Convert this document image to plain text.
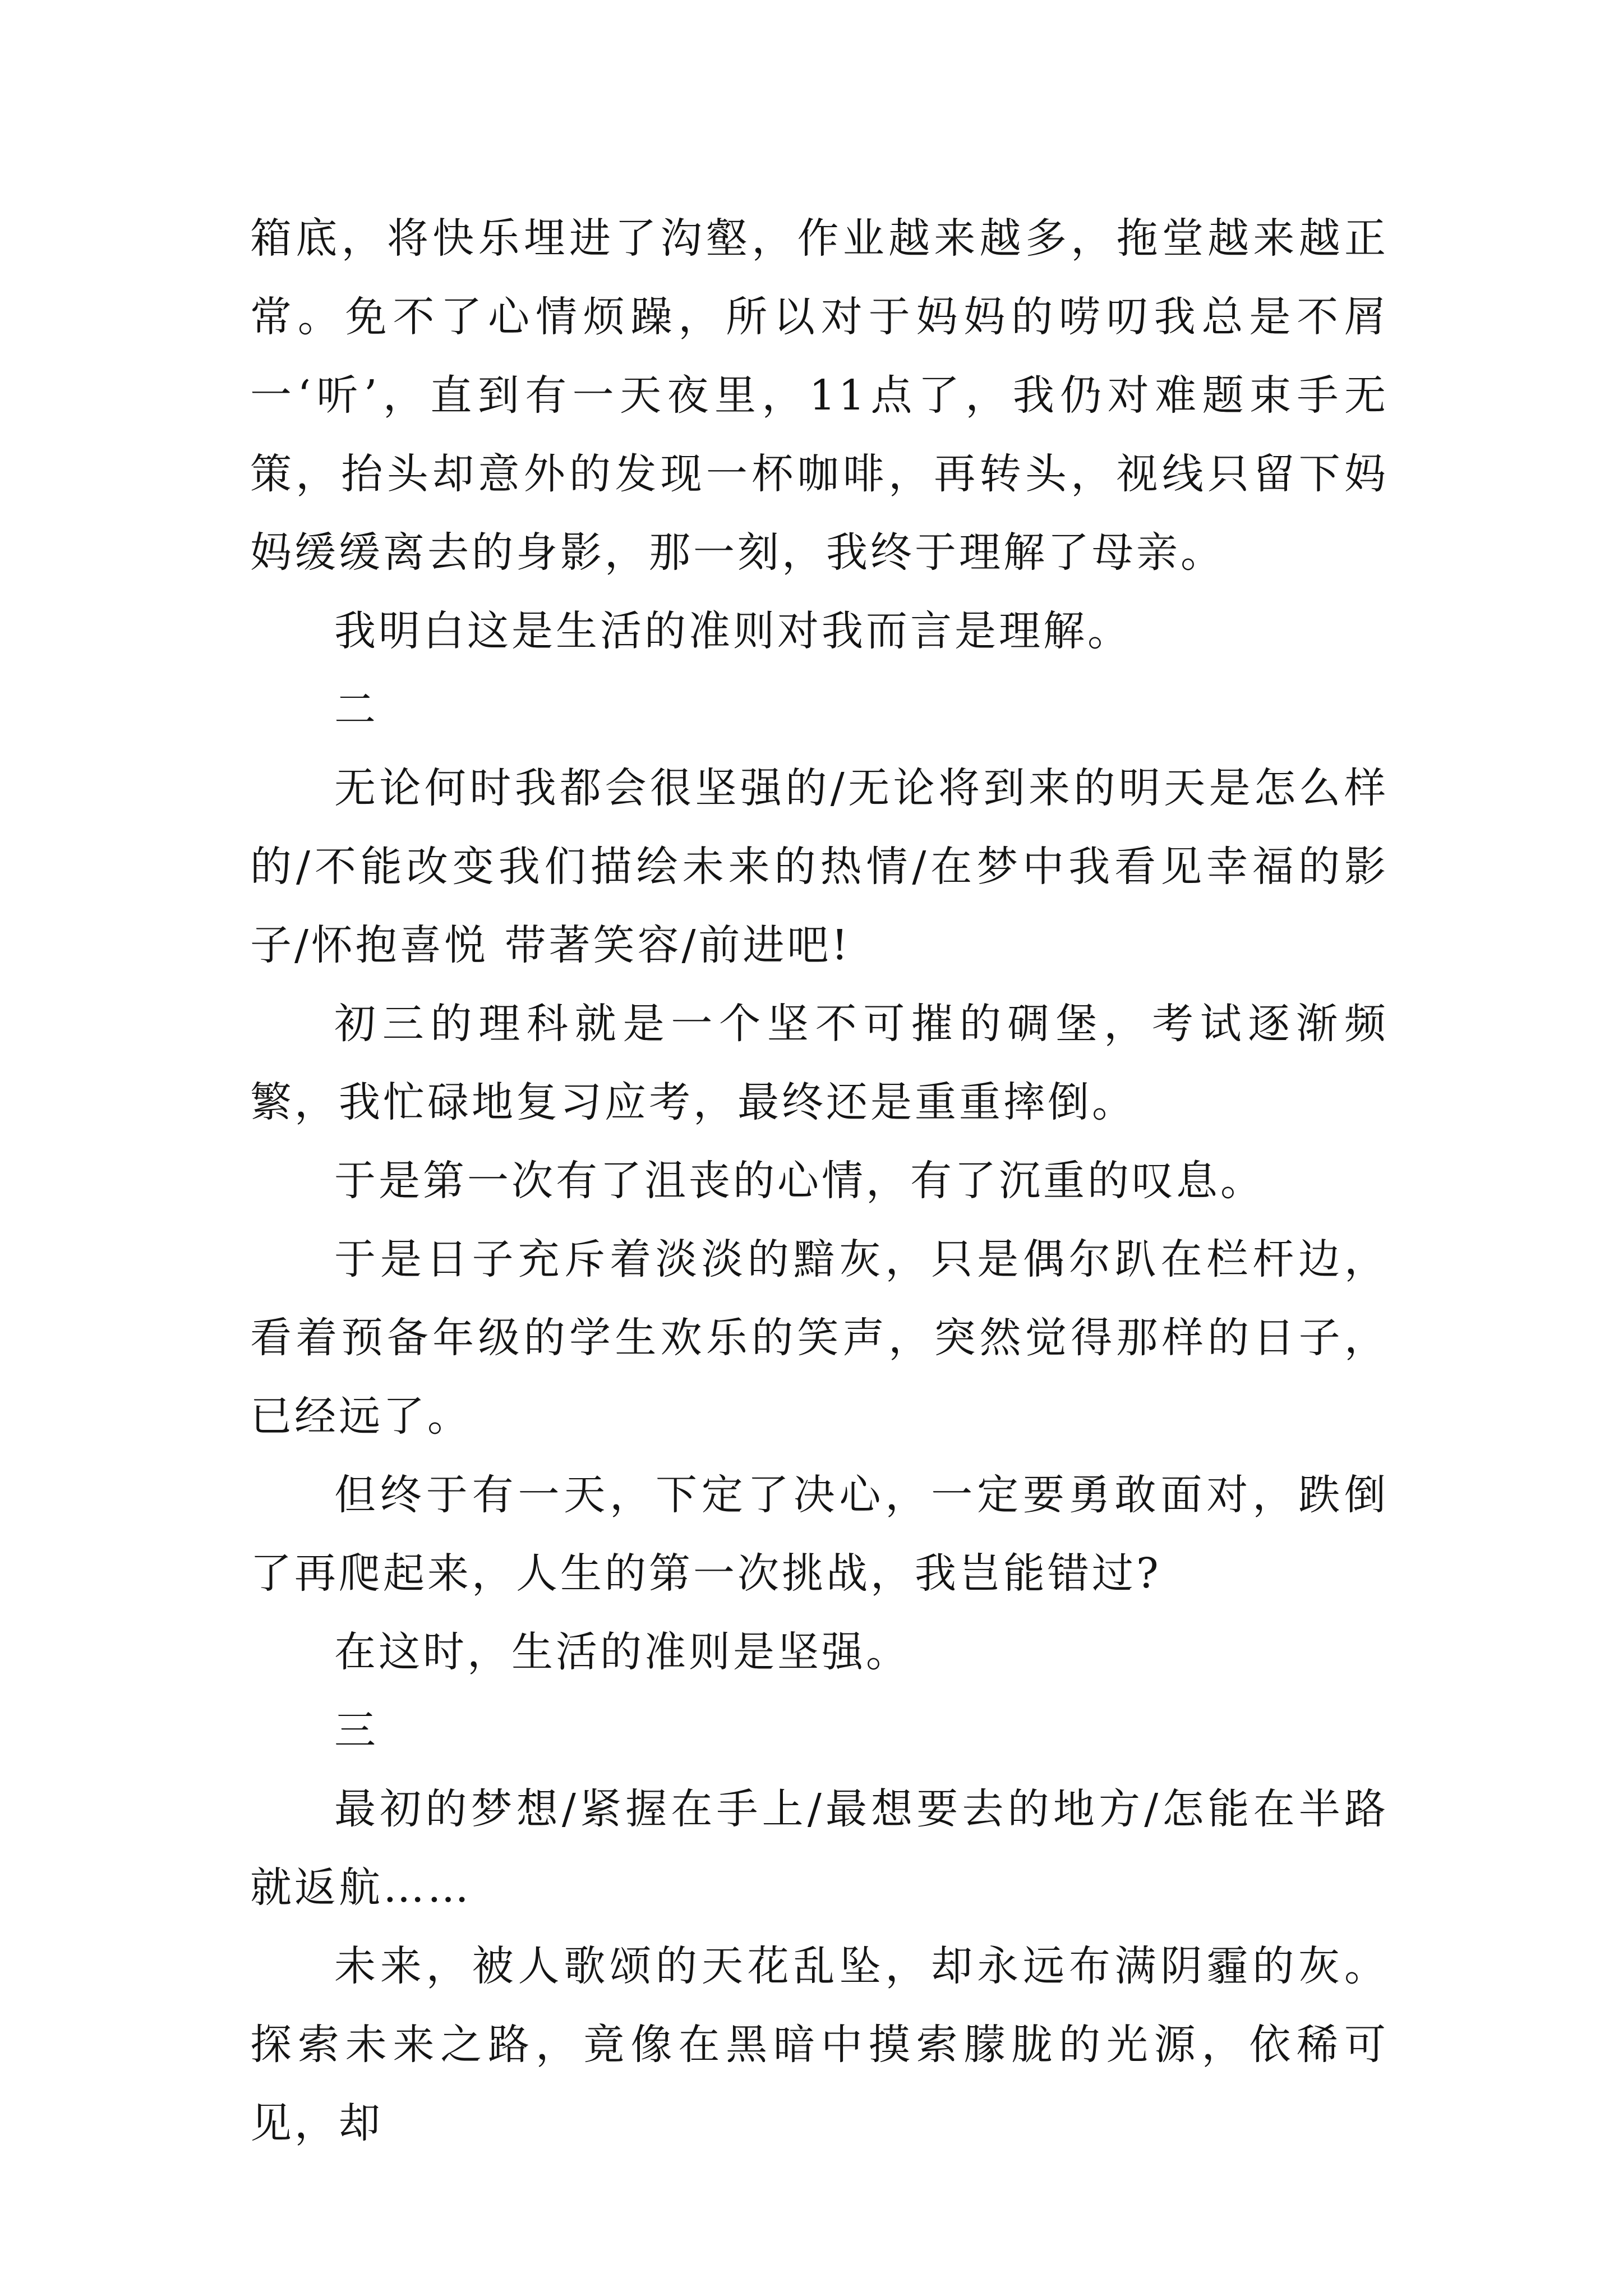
箱底，将快乐埋进了沟壑，作业越来越多，拖堂越来越正常。免不了心情烦躁，所以对于妈妈的唠叨我总是不屑一‘听’，直到有一天夜里，11点了，我仍对难题束手无策，抬头却意外的发现一杯咖啡，再转头，视线只留下妈妈缓缓离去的身影，那一刻，我终于理解了母亲。

我明白这是生活的准则对我而言是理解。

二

无论何时我都会很坚强的/无论将到来的明天是怎么样的/不能改变我们描绘未来的热情/在梦中我看见幸福的影子/怀抱喜悦 带著笑容/前进吧!

初三的理科就是一个坚不可摧的碉堡，考试逐渐频繁，我忙碌地复习应考，最终还是重重摔倒。

于是第一次有了沮丧的心情，有了沉重的叹息。

于是日子充斥着淡淡的黯灰，只是偶尔趴在栏杆边，看着预备年级的学生欢乐的笑声，突然觉得那样的日子，已经远了。

但终于有一天，下定了决心，一定要勇敢面对，跌倒了再爬起来，人生的第一次挑战，我岂能错过?

在这时，生活的准则是坚强。

三

最初的梦想/紧握在手上/最想要去的地方/怎能在半路就返航……

未来，被人歌颂的天花乱坠，却永远布满阴霾的灰。探索未来之路，竟像在黑暗中摸索朦胧的光源，依稀可见，却
